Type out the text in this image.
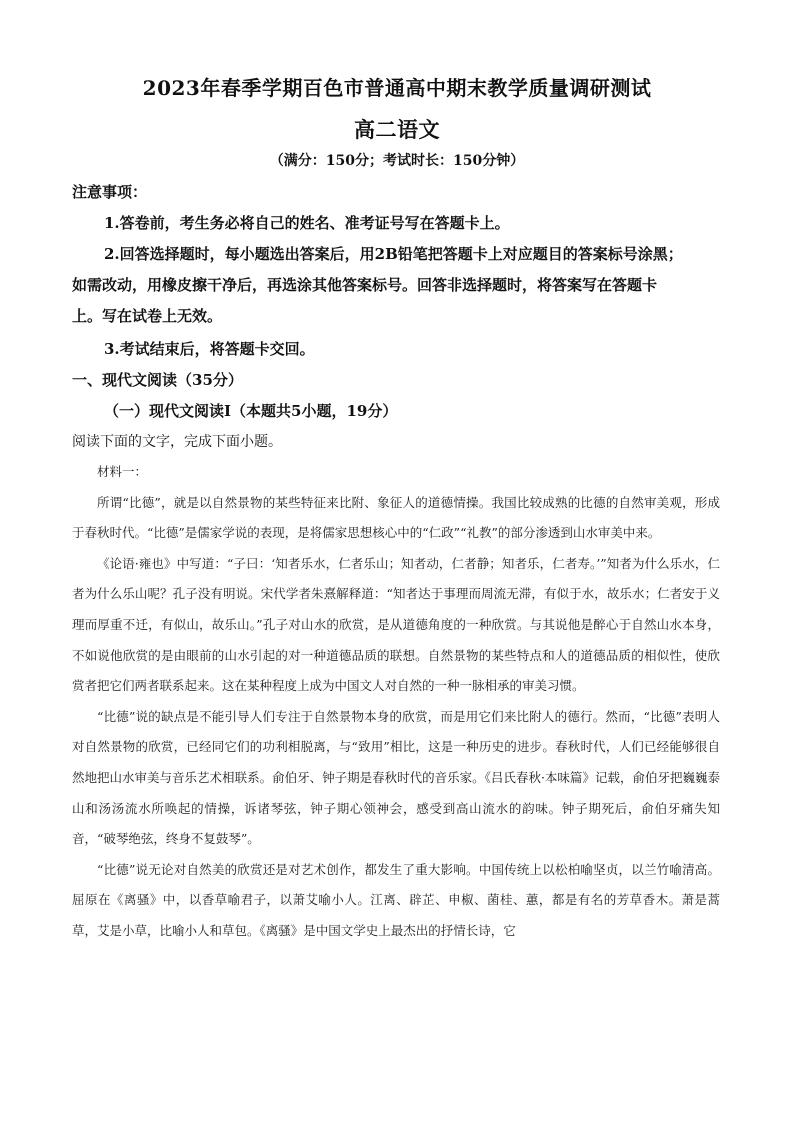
2023年春季学期百色市普通高中期末教学质量调研测试
高二语文
（满分：150分；考试时长：150分钟）
注意事项：
1.答卷前，考生务必将自己的姓名、准考证号写在答题卡上。
2.回答选择题时，每小题选出答案后，用2B铅笔把答题卡上对应题目的答案标号涂黑；
如需改动，用橡皮擦干净后，再选涂其他答案标号。回答非选择题时，将答案写在答题卡
上。写在试卷上无效。
3.考试结束后，将答题卡交回。
一、现代文阅读（35分）
（一）现代文阅读Ⅰ（本题共5小题，19分）
阅读下面的文字，完成下面小题。

材料一：

所谓“比德”，就是以自然景物的某些特征来比附、象征人的道德情操。我国比较成熟的比德的自然审美观，形成于春秋时代。“比德”是儒家学说的表现，是将儒家思想核心中的“仁政”“礼教”的部分渗透到山水审美中来。

《论语·雍也》中写道：“子曰：‘知者乐水，仁者乐山；知者动，仁者静；知者乐，仁者寿。’”知者为什么乐水，仁者为什么乐山呢？孔子没有明说。宋代学者朱熹解释道：“知者达于事理而周流无滞，有似于水，故乐水；仁者安于义理而厚重不迁，有似山，故乐山。”孔子对山水的欣赏，是从道德角度的一种欣赏。与其说他是醉心于自然山水本身，不如说他欣赏的是由眼前的山水引起的对一种道德品质的联想。自然景物的某些特点和人的道德品质的相似性，使欣赏者把它们两者联系起来。这在某种程度上成为中国文人对自然的一种一脉相承的审美习惯。

“比德”说的缺点是不能引导人们专注于自然景物本身的欣赏，而是用它们来比附人的德行。然而，“比德”表明人对自然景物的欣赏，已经同它们的功利相脱离，与“致用”相比，这是一种历史的进步。春秋时代，人们已经能够很自然地把山水审美与音乐艺术相联系。俞伯牙、钟子期是春秋时代的音乐家。《吕氏春秋·本味篇》记载，俞伯牙把巍巍泰山和汤汤流水所唤起的情操，诉诸琴弦，钟子期心领神会，感受到高山流水的韵味。钟子期死后，俞伯牙痛失知音，“破琴绝弦，终身不复鼓琴”。

“比德”说无论对自然美的欣赏还是对艺术创作，都发生了重大影响。中国传统上以松柏喻坚贞，以兰竹喻清高。屈原在《离骚》中，以香草喻君子，以萧艾喻小人。江离、辟芷、申椒、菌桂、蕙，都是有名的芳草香木。萧是蒿草，艾是小草，比喻小人和草包。《离骚》是中国文学史上最杰出的抒情长诗，它
